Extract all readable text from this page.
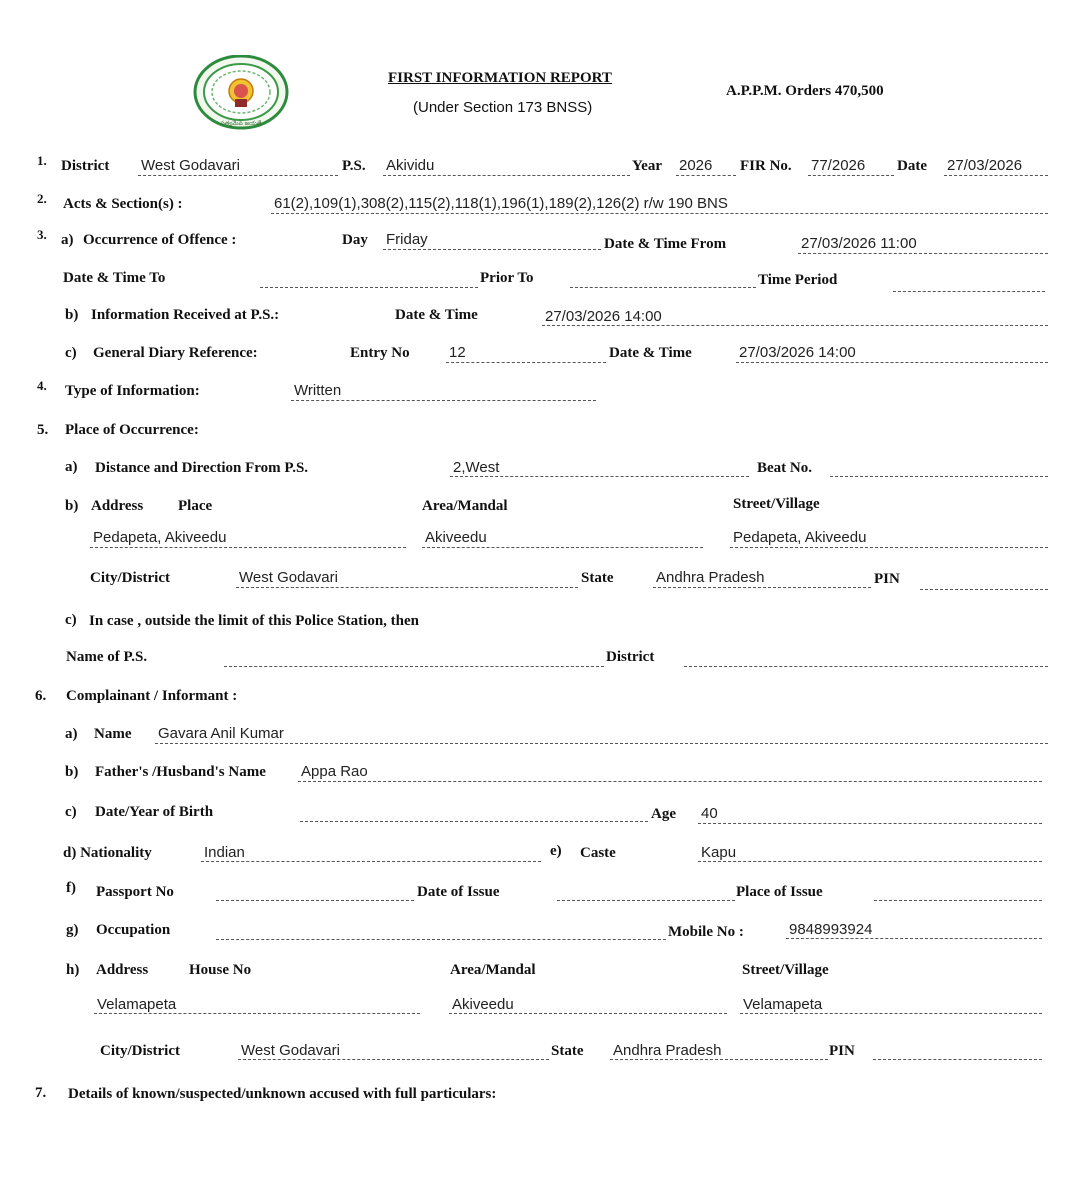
సత్యమేవ జయతే
FIRST INFORMATION REPORT
(Under Section 173 BNSS)
A.P.P.M. Orders 470,500
1. District West Godavari	P.S. Akividu	Year 2026 FIR No. 77/2026 Date 27/03/2026
2. Acts & Section(s) :	61(2),109(1),308(2),115(2),118(1),196(1),189(2),126(2) r/w 190 BNS
3. a) Occurrence of Offence :	Day Friday	Date & Time From	27/03/2026 11:00
Date & Time To	Prior To	Time Period
b) Information Received at P.S.:	Date & Time	27/03/2026 14:00
c) General Diary Reference:	Entry No	12	Date & Time	27/03/2026 14:00
4. Type of Information:	Written
5. Place of Occurrence:
a) Distance and Direction From P.S.	2,West	Beat No.
b) Address Place	Area/Mandal	Street/Village
Pedapeta, Akiveedu	Akiveedu	Pedapeta, Akiveedu
City/District	West Godavari	State	Andhra Pradesh	PIN
c) In case , outside the limit of this Police Station, then
Name of P.S.	District
6. Complainant / Informant :
a) Name Gavara Anil Kumar
b) Father's /Husband's Name Appa Rao
c) Date/Year of Birth	Age 40
d) Nationality	Indian	e) Caste	Kapu
f) Passport No	Date of Issue	Place of Issue
g) Occupation	Mobile No :	9848993924
h) Address	House No	Area/Mandal	Street/Village
Velamapeta	Akiveedu	Velamapeta
City/District	West Godavari	State Andhra Pradesh	PIN
7. Details of known/suspected/unknown accused with full particulars:
